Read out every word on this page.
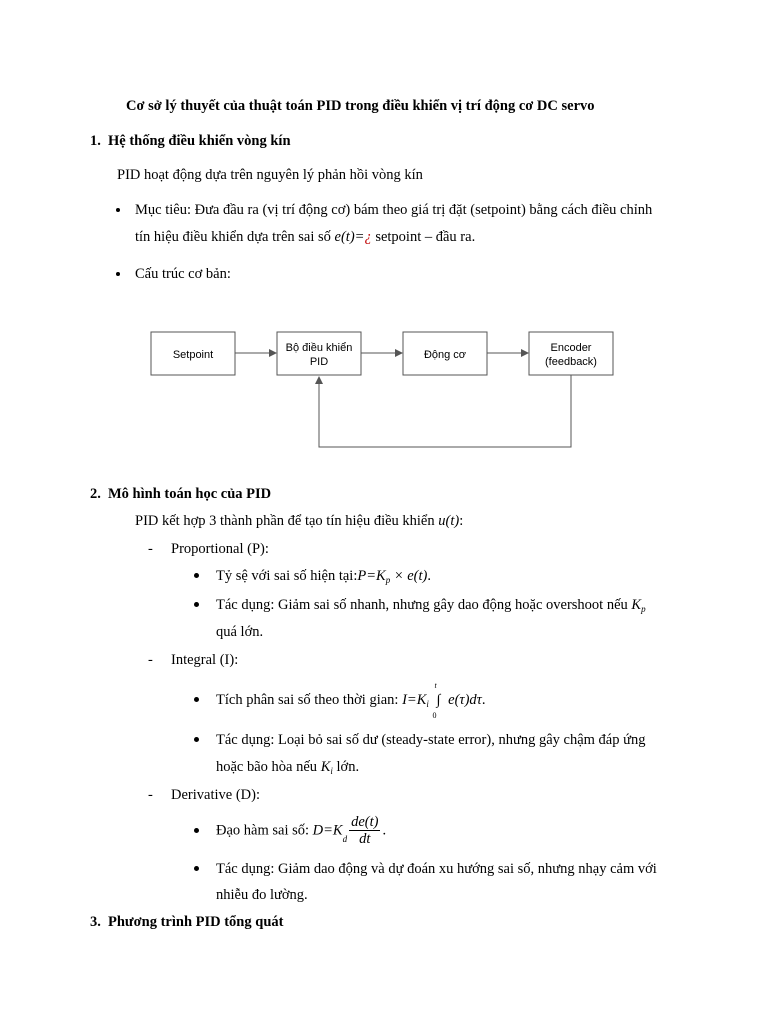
Cơ sở lý thuyết của thuật toán PID trong điều khiển vị trí động cơ DC servo
1. Hệ thống điều khiển vòng kín
PID hoạt động dựa trên nguyên lý phản hồi vòng kín
Mục tiêu: Đưa đầu ra (vị trí động cơ) bám theo giá trị đặt (setpoint) bằng cách điều chỉnh
tín hiệu điều khiển dựa trên sai số e(t)=¿ setpoint – đầu ra.
Cấu trúc cơ bản:
Setpoint
Bộ điều khiển
PID
Động cơ
Encoder
(feedback)
2. Mô hình toán học của PID
PID kết hợp 3 thành phần để tạo tín hiệu điều khiển u(t):
- Proportional (P):
Tỷ sệ với sai số hiện $tại:P=K_p \times e(t)$.
Tác dụng: Giảm sai số nhanh, nhưng gây dao động hoặc overshoot nếu $K_p$
quá lớn.
- Integral (I):
Tích phân sai số theo thời gian: $I=K_i$
t
∫
0
e(τ)dτ.
Tác dụng: Loại bỏ sai số dư (steady-state error), nhưng gây chậm đáp ứng
hoặc bão hòa nếu $K_i$ lớn.
- Derivative (D):
Đạo hàm sai số: $D=K_d \frac{de(t)}{dt}$ .
Tác dụng: Giảm dao động và dự đoán xu hướng sai số, nhưng nhạy cảm với
nhiễu đo lường.
3. Phương trình PID tổng quát
